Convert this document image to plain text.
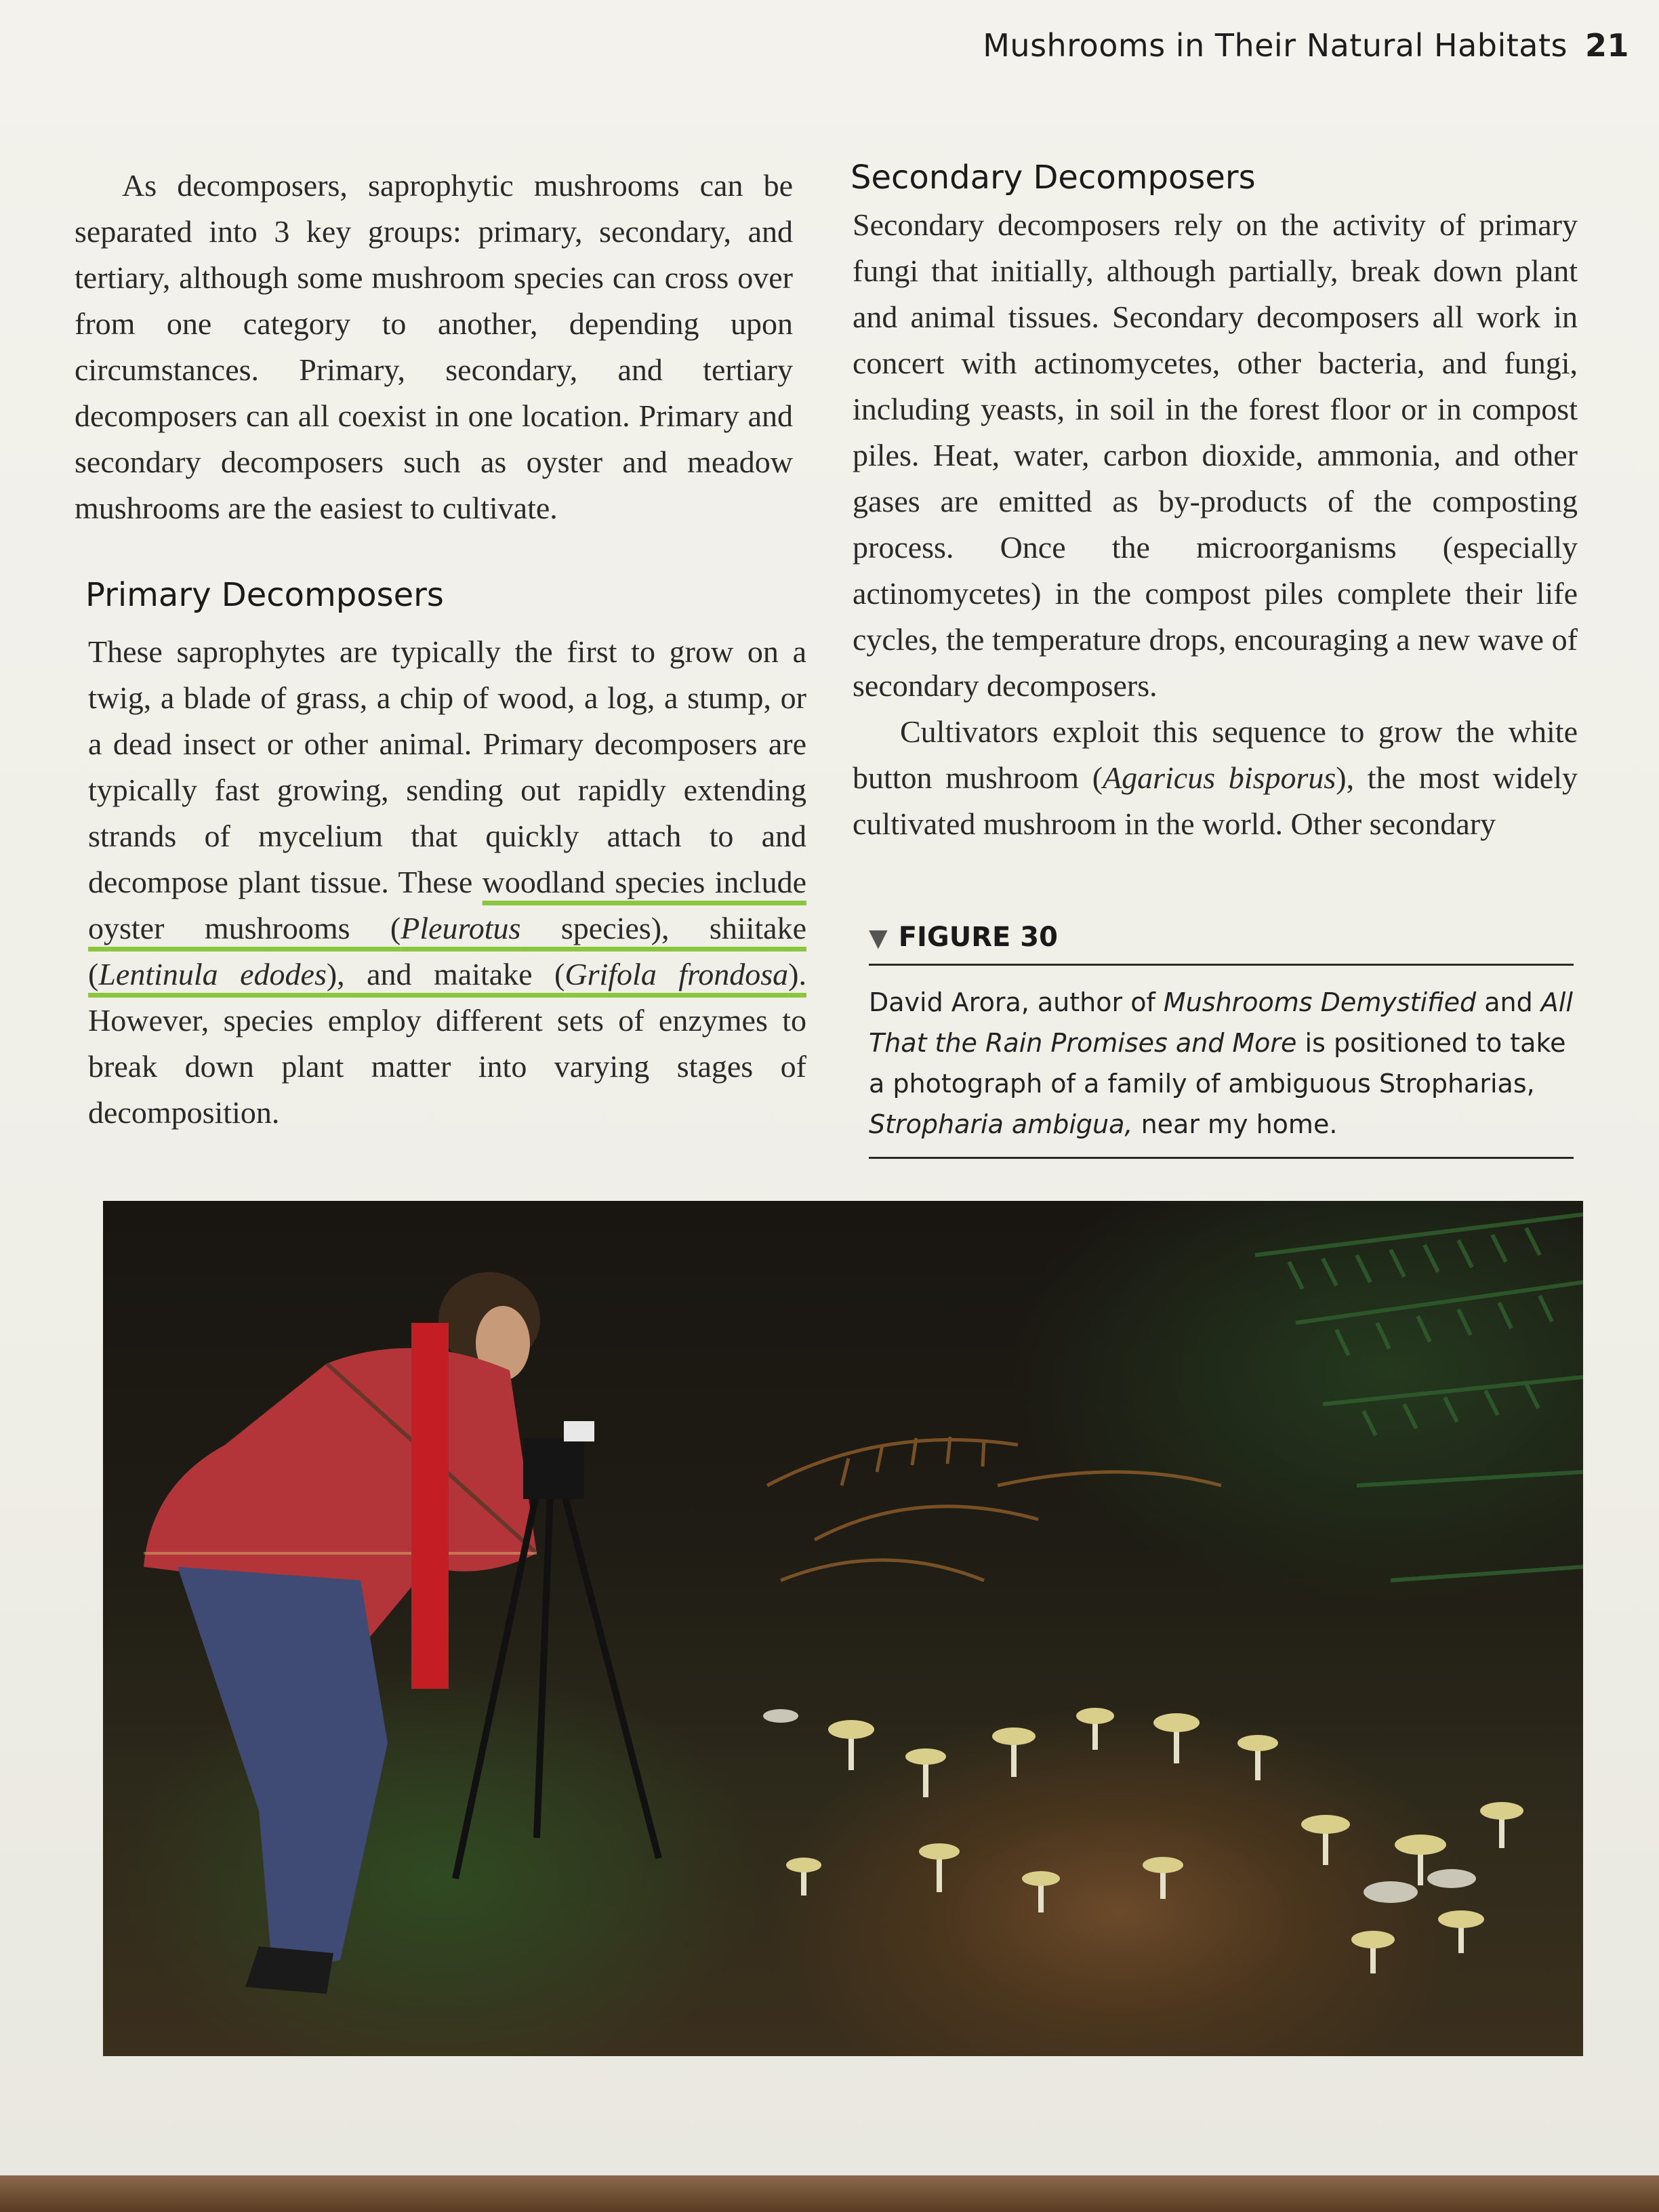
Mushrooms in Their Natural Habitats 21

As decomposers, saprophytic mushrooms can be separated into 3 key groups: primary, secondary, and tertiary, although some mushroom species can cross over from one category to another, depending upon circumstances. Primary, secondary, and tertiary decomposers can all coexist in one location. Primary and secondary decomposers such as oyster and meadow mushrooms are the easiest to cultivate.

Primary Decomposers

These saprophytes are typically the first to grow on a twig, a blade of grass, a chip of wood, a log, a stump, or a dead insect or other animal. Primary decomposers are typically fast growing, sending out rapidly extending strands of mycelium that quickly attach to and decompose plant tissue. These woodland species include oyster mushrooms (Pleurotus species), shiitake (Lentinula edodes), and maitake (Grifola frondosa). However, species employ different sets of enzymes to break down plant matter into varying stages of decomposition.

Secondary Decomposers

Secondary decomposers rely on the activity of primary fungi that initially, although partially, break down plant and animal tissues. Secondary decomposers all work in concert with actinomycetes, other bacteria, and fungi, including yeasts, in soil in the forest floor or in compost piles. Heat, water, carbon dioxide, ammonia, and other gases are emitted as by-products of the composting process. Once the microorganisms (especially actinomycetes) in the compost piles complete their life cycles, the temperature drops, encouraging a new wave of secondary decomposers.

Cultivators exploit this sequence to grow the white button mushroom (Agaricus bisporus), the most widely cultivated mushroom in the world. Other secondary

▼ FIGURE 30
David Arora, author of Mushrooms Demystified and All That the Rain Promises and More is positioned to take a photograph of a family of ambiguous Stropharias, Stropharia ambigua, near my home.
